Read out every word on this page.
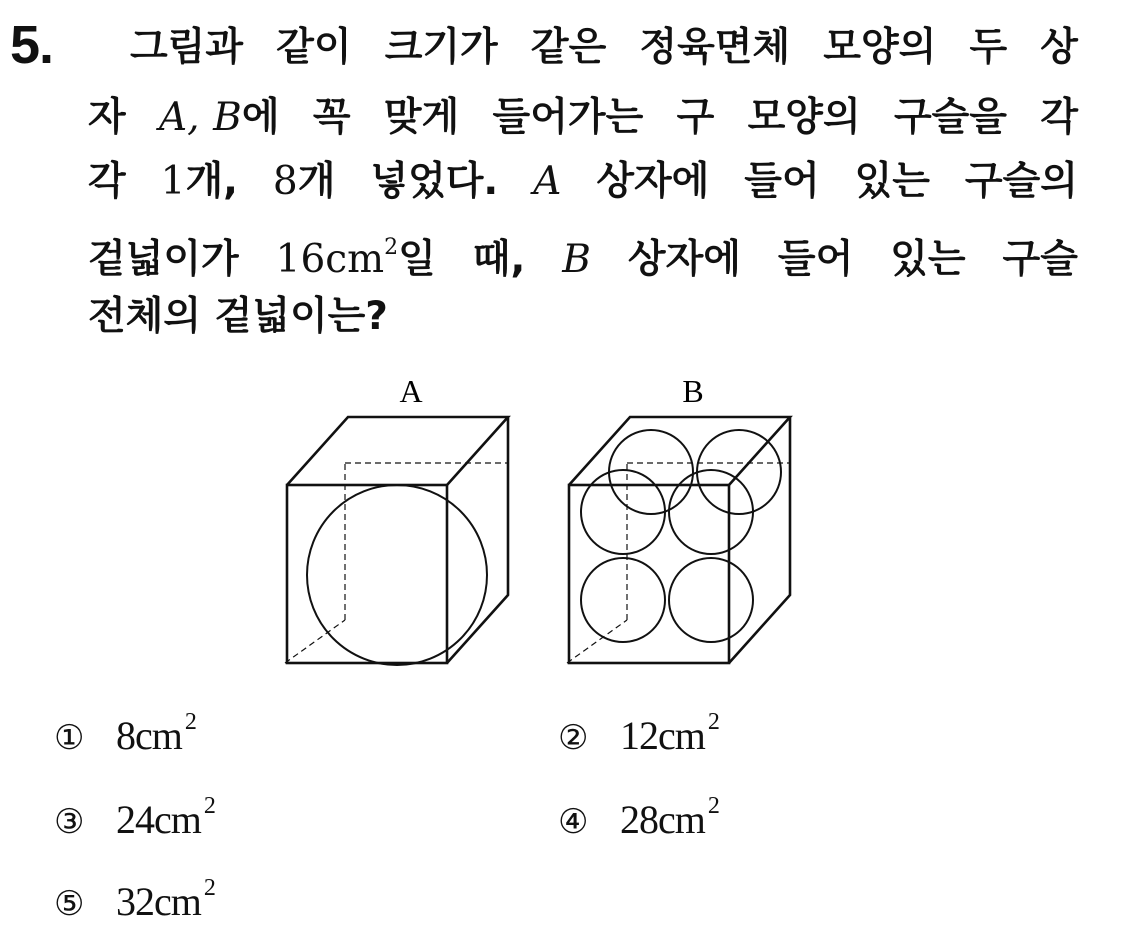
5. 그림과 같이 크기가 같은 정육면체 모양의 두 상
자 A, B에 꼭 맞게 들어가는 구 모양의 구슬을 각
각 1개, 8개 넣었다. A 상자에 들어 있는 구슬의
겉넓이가 $16cm^2$일 때, B 상자에 들어 있는 구슬
전체의 겉넓이는?
A	B
① 8cm 2	② 12cm 2
③ 24cm 2	④ 28cm 2
⑤ 32cm 2
